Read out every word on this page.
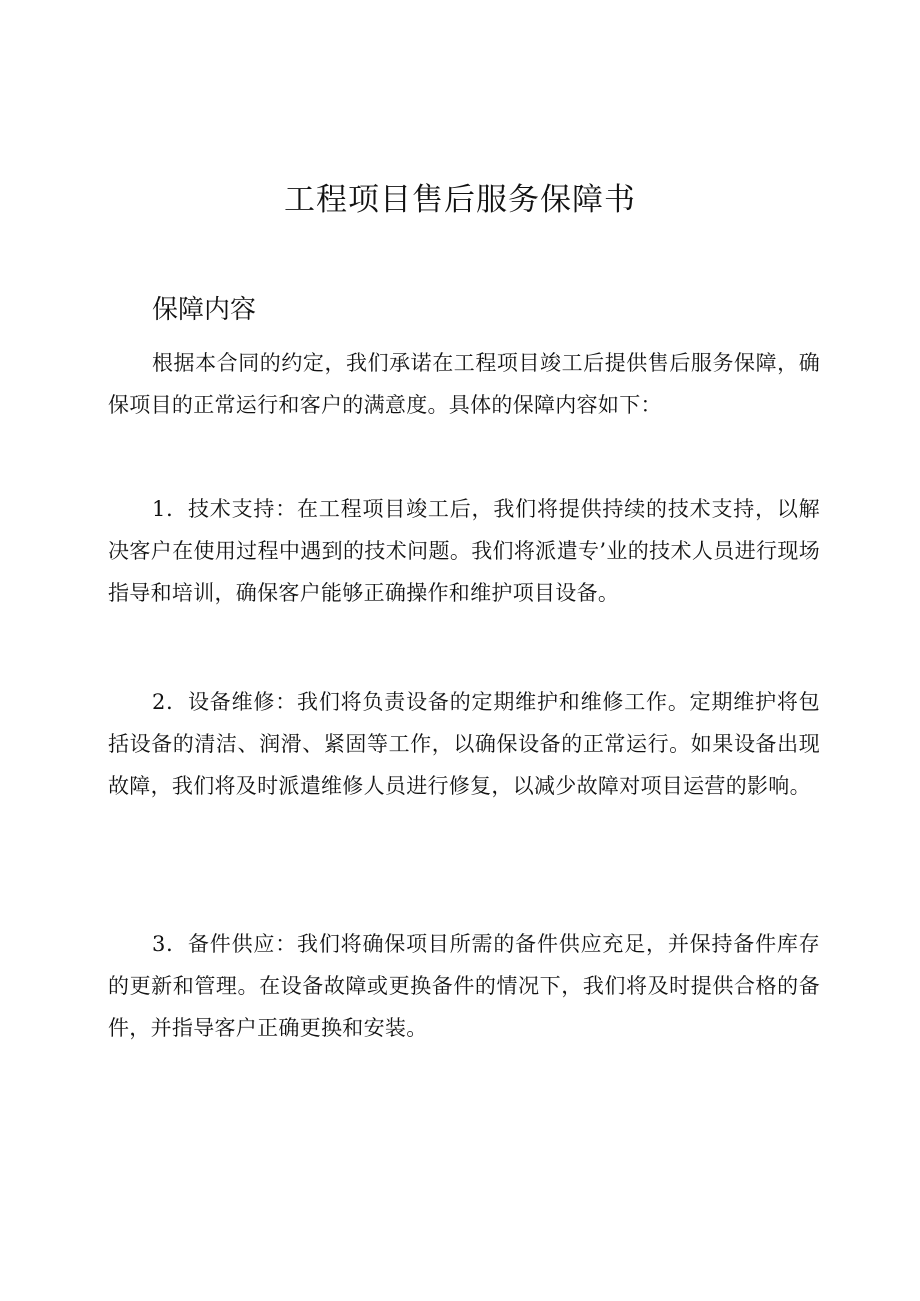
工程项目售后服务保障书
保障内容

根据本合同的约定，我们承诺在工程项目竣工后提供售后服务保障，确保项目的正常运行和客户的满意度。具体的保障内容如下：

1．技术支持：在工程项目竣工后，我们将提供持续的技术支持，以解决客户在使用过程中遇到的技术问题。我们将派遣专’业的技术人员进行现场指导和培训，确保客户能够正确操作和维护项目设备。

2．设备维修：我们将负责设备的定期维护和维修工作。定期维护将包括设备的清洁、润滑、紧固等工作，以确保设备的正常运行。如果设备出现故障，我们将及时派遣维修人员进行修复，以减少故障对项目运营的影响。

3．备件供应：我们将确保项目所需的备件供应充足，并保持备件库存的更新和管理。在设备故障或更换备件的情况下，我们将及时提供合格的备件，并指导客户正确更换和安装。
